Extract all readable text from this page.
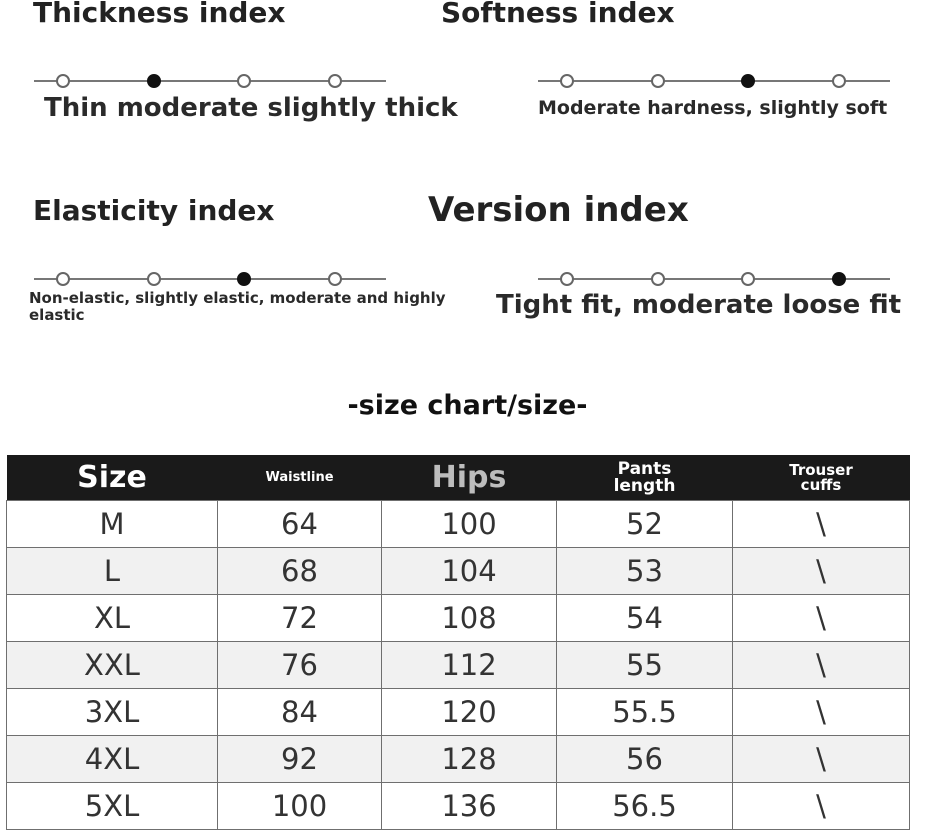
Thickness index
Thin moderate slightly thick
Softness index
Moderate hardness, slightly soft
Elasticity index
Non-elastic, slightly elastic, moderate and highly elastic
Version index
Tight fit, moderate loose fit
-size chart/size-
Size	Waistline	Hips	Pants length	Trouser cuffs
M	64	100	52	\
L	68	104	53	\
XL	72	108	54	\
XXL	76	112	55	\
3XL	84	120	55.5	\
4XL	92	128	56	\
5XL	100	136	56.5	\
